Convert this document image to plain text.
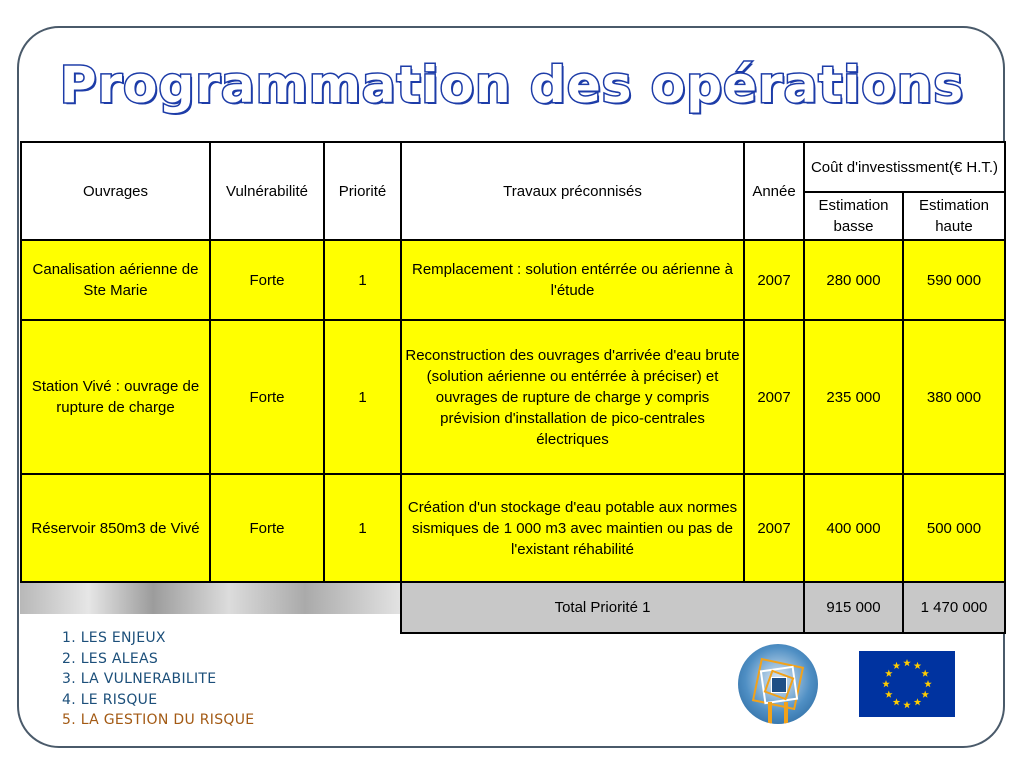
Programmation des opérations
Ouvrages	Vulnérabilité	Priorité	Travaux préconnisés	Année	Coût d'investissment(€ H.T.)	
					Estimation basse	Estimation haute
Canalisation aérienne de Ste Marie	Forte	1	Remplacement : solution entérrée ou aérienne à l'étude	2007	280 000	590 000
Station Vivé : ouvrage de rupture de charge	Forte	1	Reconstruction des ouvrages d'arrivée d'eau brute (solution aérienne ou entérrée à préciser) et ouvrages de rupture de charge y compris prévision d'installation de pico-centrales électriques	2007	235 000	380 000
Réservoir 850m3 de Vivé	Forte	1	Création d'un stockage d'eau potable aux normes sismiques de 1 000 m3 avec maintien ou pas de l'existant réhabilité	2007	400 000	500 000
			Total Priorité 1		915 000	1 470 000
1. LES ENJEUX
2. LES ALEAS
3. LA VULNERABILITE
4. LE RISQUE
5. LA GESTION DU RISQUE
